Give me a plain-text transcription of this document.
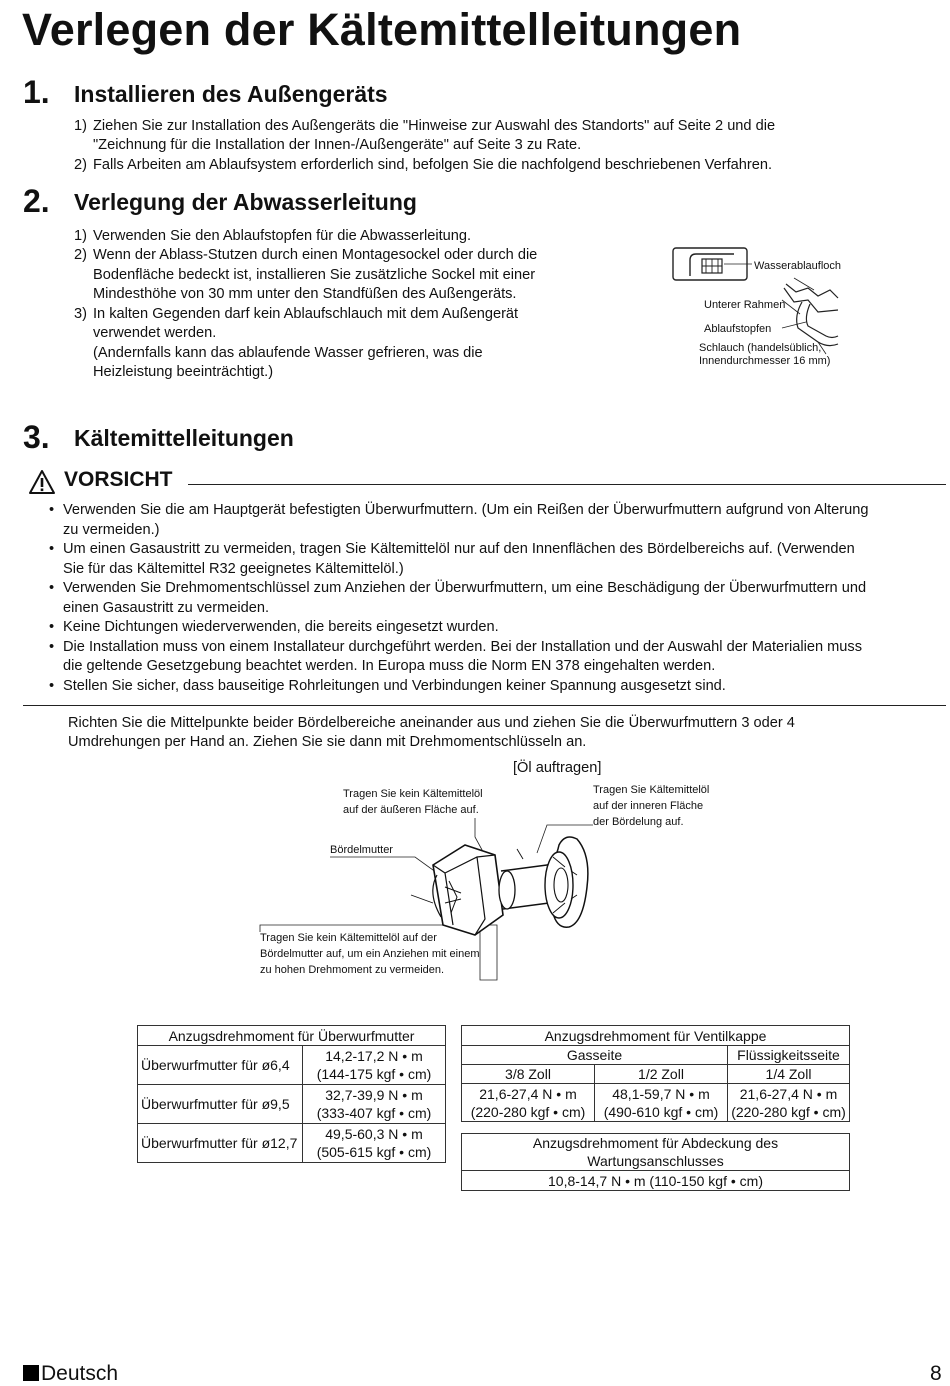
Verlegen der Kältemittelleitungen
1. Installieren des Außengeräts
1) Ziehen Sie zur Installation des Außengeräts die "Hinweise zur Auswahl des Standorts" auf Seite 2 und die
"Zeichnung für die Installation der Innen-/Außengeräte" auf Seite 3 zu Rate.
2) Falls Arbeiten am Ablaufsystem erforderlich sind, befolgen Sie die nachfolgend beschriebenen Verfahren.
2. Verlegung der Abwasserleitung
1) Verwenden Sie den Ablaufstopfen für die Abwasserleitung.
2) Wenn der Ablass-Stutzen durch einen Montagesockel oder durch die
Bodenfläche bedeckt ist, installieren Sie zusätzliche Sockel mit einer
Mindesthöhe von 30 mm unter den Standfüßen des Außengeräts.
3) In kalten Gegenden darf kein Ablaufschlauch mit dem Außengerät
verwendet werden.
(Andernfalls kann das ablaufende Wasser gefrieren, was die
Heizleistung beeinträchtigt.)
Wasserablaufloch
Unterer Rahmen
Ablaufstopfen
Schlauch (handelsüblich,
Innendurchmesser 16 mm)
3. Kältemittelleitungen
VORSICHT
• Verwenden Sie die am Hauptgerät befestigten Überwurfmuttern. (Um ein Reißen der Überwurfmuttern aufgrund von Alterung
zu vermeiden.)
• Um einen Gasaustritt zu vermeiden, tragen Sie Kältemittelöl nur auf den Innenflächen des Bördelbereichs auf. (Verwenden
Sie für das Kältemittel R32 geeignetes Kältemittelöl.)
• Verwenden Sie Drehmomentschlüssel zum Anziehen der Überwurfmuttern, um eine Beschädigung der Überwurfmuttern und
einen Gasaustritt zu vermeiden.
• Keine Dichtungen wiederverwenden, die bereits eingesetzt wurden.
• Die Installation muss von einem Installateur durchgeführt werden. Bei der Installation und der Auswahl der Materialien muss
die geltende Gesetzgebung beachtet werden. In Europa muss die Norm EN 378 eingehalten werden.
• Stellen Sie sicher, dass bauseitige Rohrleitungen und Verbindungen keiner Spannung ausgesetzt sind.
Richten Sie die Mittelpunkte beider Bördelbereiche aneinander aus und ziehen Sie die Überwurfmuttern 3 oder 4
Umdrehungen per Hand an. Ziehen Sie sie dann mit Drehmomentschlüsseln an.
[Öl auftragen]
Tragen Sie kein Kältemittelöl
auf der äußeren Fläche auf.
Tragen Sie Kältemittelöl
auf der inneren Fläche
der Bördelung auf.
Bördelmutter
Tragen Sie kein Kältemittelöl auf der
Bördelmutter auf, um ein Anziehen mit einem
zu hohen Drehmoment zu vermeiden.
Anzugsdrehmoment für Überwurfmutter	
Überwurfmutter für ø6,4	14,2-17,2 N • m
(144-175 kgf • cm)
Überwurfmutter für ø9,5	32,7-39,9 N • m
(333-407 kgf • cm)
Überwurfmutter für ø12,7	49,5-60,3 N • m
(505-615 kgf • cm)
Anzugsdrehmoment für Ventilkappe		
Gasseite		Flüssigkeitsseite
3/8 Zoll	1/2 Zoll	1/4 Zoll
21,6-27,4 N • m
(220-280 kgf • cm)	48,1-59,7 N • m
(490-610 kgf • cm)	21,6-27,4 N • m
(220-280 kgf • cm)
Anzugsdrehmoment für Abdeckung des Wartungsanschlusses
10,8-14,7 N • m (110-150 kgf • cm)
Deutsch	8
